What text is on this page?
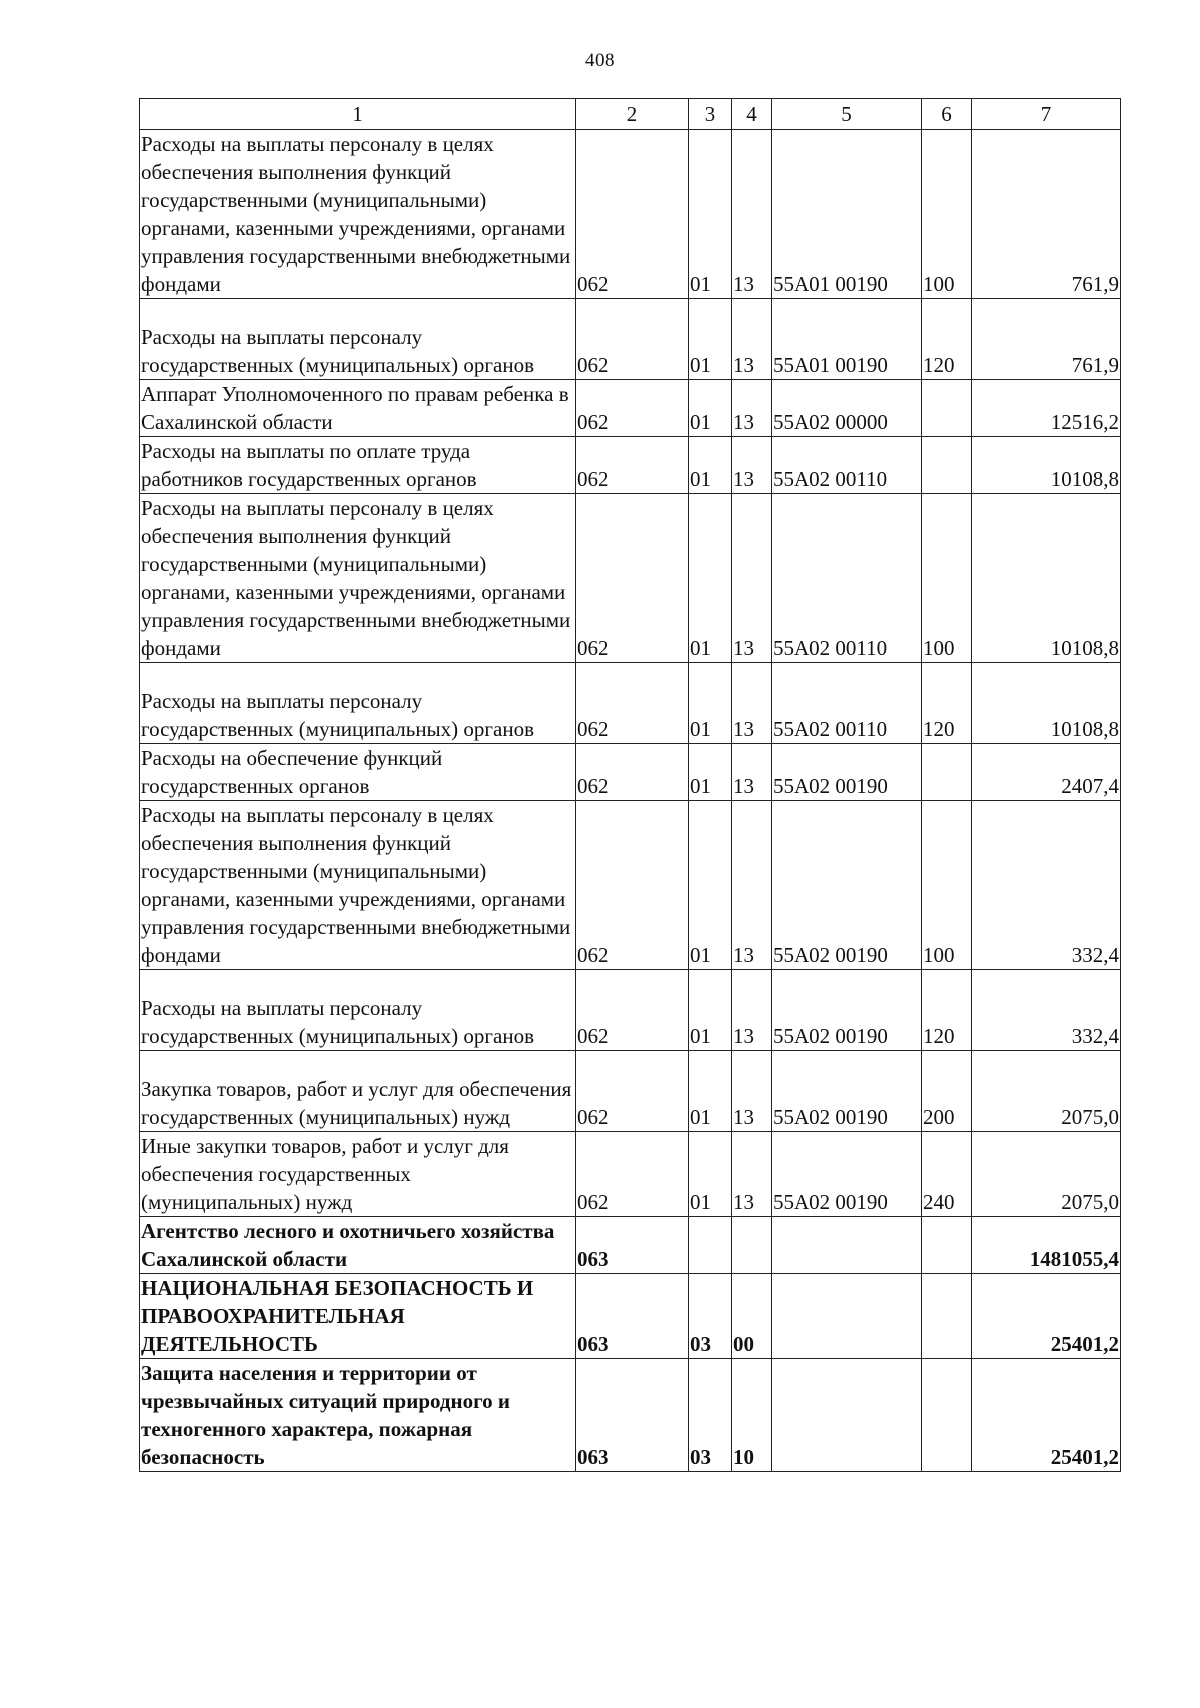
408
1	2	3	4	5	6	7
Расходы на выплаты персоналу в целях обеспечения выполнения функций государственными (муниципальными) органами, казенными учреждениями, органами управления государственными внебюджетными фондами	062	01	13	55А01 00190	100	761,9
Расходы на выплаты персоналу государственных (муниципальных) органов	062	01	13	55А01 00190	120	761,9
Аппарат Уполномоченного по правам ребенка в Сахалинской области	062	01	13	55А02 00000		12516,2
Расходы на выплаты по оплате труда работников государственных органов	062	01	13	55А02 00110		10108,8
Расходы на выплаты персоналу в целях обеспечения выполнения функций государственными (муниципальными) органами, казенными учреждениями, органами управления государственными внебюджетными фондами	062	01	13	55А02 00110	100	10108,8
Расходы на выплаты персоналу государственных (муниципальных) органов	062	01	13	55А02 00110	120	10108,8
Расходы на обеспечение функций государственных органов	062	01	13	55А02 00190		2407,4
Расходы на выплаты персоналу в целях обеспечения выполнения функций государственными (муниципальными) органами, казенными учреждениями, органами управления государственными внебюджетными фондами	062	01	13	55А02 00190	100	332,4
Расходы на выплаты персоналу государственных (муниципальных) органов	062	01	13	55А02 00190	120	332,4
Закупка товаров, работ и услуг для обеспечения государственных (муниципальных) нужд	062	01	13	55А02 00190	200	2075,0
Иные закупки товаров, работ и услуг для обеспечения государственных (муниципальных) нужд	062	01	13	55А02 00190	240	2075,0
Агентство лесного и охотничьего хозяйства Сахалинской области	063					1481055,4
НАЦИОНАЛЬНАЯ БЕЗОПАСНОСТЬ И ПРАВООХРАНИТЕЛЬНАЯ ДЕЯТЕЛЬНОСТЬ	063	03	00			25401,2
Защита населения и территории от чрезвычайных ситуаций природного и техногенного характера, пожарная безопасность	063	03	10			25401,2
